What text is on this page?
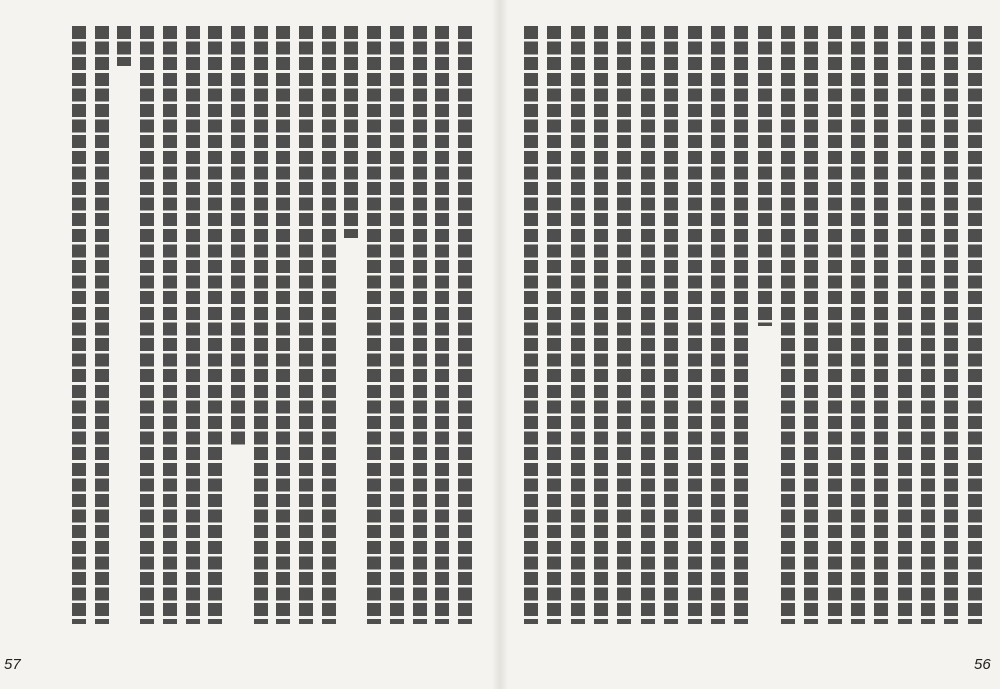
57	56
